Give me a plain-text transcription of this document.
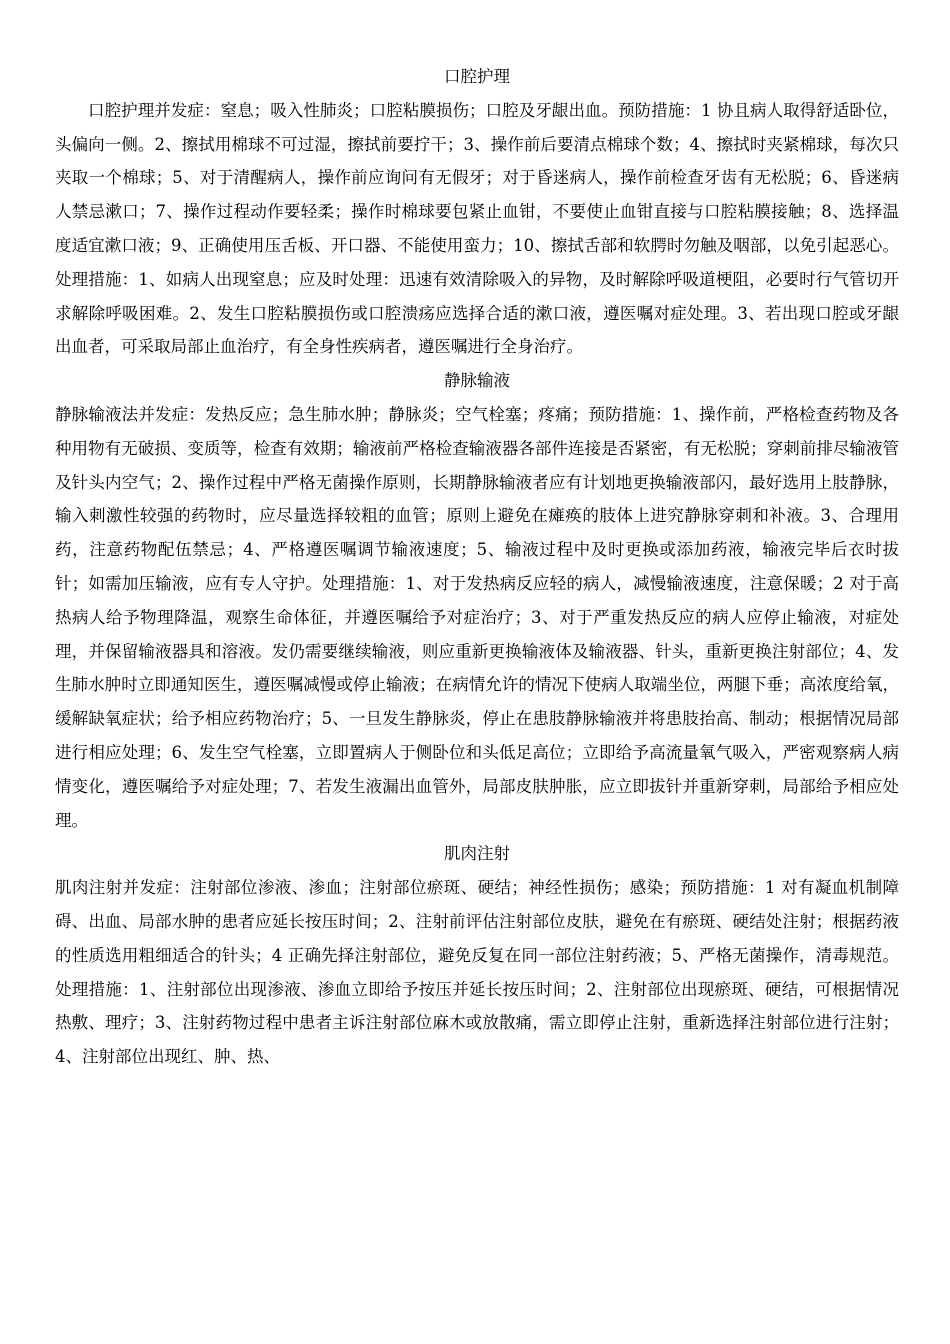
口腔护理

口腔护理并发症：窒息；吸入性肺炎；口腔粘膜损伤；口腔及牙龈出血。预防措施：1 协且病人取得舒适卧位，头偏向一侧。2、擦拭用棉球不可过湿，擦拭前要拧干；3、操作前后要清点棉球个数；4、擦拭时夹紧棉球，每次只夹取一个棉球；5、对于清醒病人，操作前应询问有无假牙；对于昏迷病人，操作前检查牙齿有无松脱；6、昏迷病人禁忌漱口；7、操作过程动作要轻柔；操作时棉球要包紧止血钳，不要使止血钳直接与口腔粘膜接触；8、选择温度适宜漱口液；9、正确使用压舌板、开口器、不能使用蛮力；10、擦拭舌部和软腭时勿触及咽部，以免引起恶心。处理措施：1、如病人出现窒息；应及时处理：迅速有效清除吸入的异物，及时解除呼吸道梗阻，必要时行气管切开求解除呼吸困难。2、发生口腔粘膜损伤或口腔溃疡应选择合适的漱口液，遵医嘱对症处理。3、若出现口腔或牙龈出血者，可采取局部止血治疗，有全身性疾病者，遵医嘱进行全身治疗。

静脉输液

静脉输液法并发症：发热反应；急生肺水肿；静脉炎；空气栓塞；疼痛；预防措施：1、操作前，严格检查药物及各种用物有无破损、变质等，检查有效期；输液前严格检查输液器各部件连接是否紧密，有无松脱；穿刺前排尽输液管及针头内空气；2、操作过程中严格无菌操作原则，长期静脉输液者应有计划地更换输液部闪，最好选用上肢静脉，输入刺激性较强的药物时，应尽量选择较粗的血管；原则上避免在瘫痪的肢体上进究静脉穿刺和补液。3、合理用药，注意药物配伍禁忌；4、严格遵医嘱调节输液速度；5、输液过程中及时更换或添加药液，输液完毕后衣时拔针；如需加压输液，应有专人守护。处理措施：1、对于发热病反应轻的病人，减慢输液速度，注意保暖；2 对于高热病人给予物理降温，观察生命体征，并遵医嘱给予对症治疗；3、对于严重发热反应的病人应停止输液，对症处理，并保留输液器具和溶液。发仍需要继续输液，则应重新更换输液体及输液器、针头，重新更换注射部位；4、发生肺水肿时立即通知医生，遵医嘱减慢或停止输液；在病情允许的情况下使病人取端坐位，两腿下垂；高浓度给氧，缓解缺氧症状；给予相应药物治疗；5、一旦发生静脉炎，停止在患肢静脉输液并将患肢抬高、制动；根据情况局部进行相应处理；6、发生空气栓塞，立即置病人于侧卧位和头低足高位；立即给予高流量氧气吸入，严密观察病人病情变化，遵医嘱给予对症处理；7、若发生液漏出血管外，局部皮肤肿胀，应立即拔针并重新穿刺，局部给予相应处理。

肌肉注射

肌肉注射并发症：注射部位渗液、渗血；注射部位瘀斑、硬结；神经性损伤；感染；预防措施：1 对有凝血机制障碍、出血、局部水肿的患者应延长按压时间；2、注射前评估注射部位皮肤，避免在有瘀斑、硬结处注射；根据药液的性质选用粗细适合的针头；4 正确先择注射部位，避免反复在同一部位注射药液；5、严格无菌操作，清毒规范。处理措施：1、注射部位出现渗液、渗血立即给予按压并延长按压时间；2、注射部位出现瘀斑、硬结，可根据情况热敷、理疗；3、注射药物过程中患者主诉注射部位麻木或放散痛，需立即停止注射，重新选择注射部位进行注射；4、注射部位出现红、肿、热、
